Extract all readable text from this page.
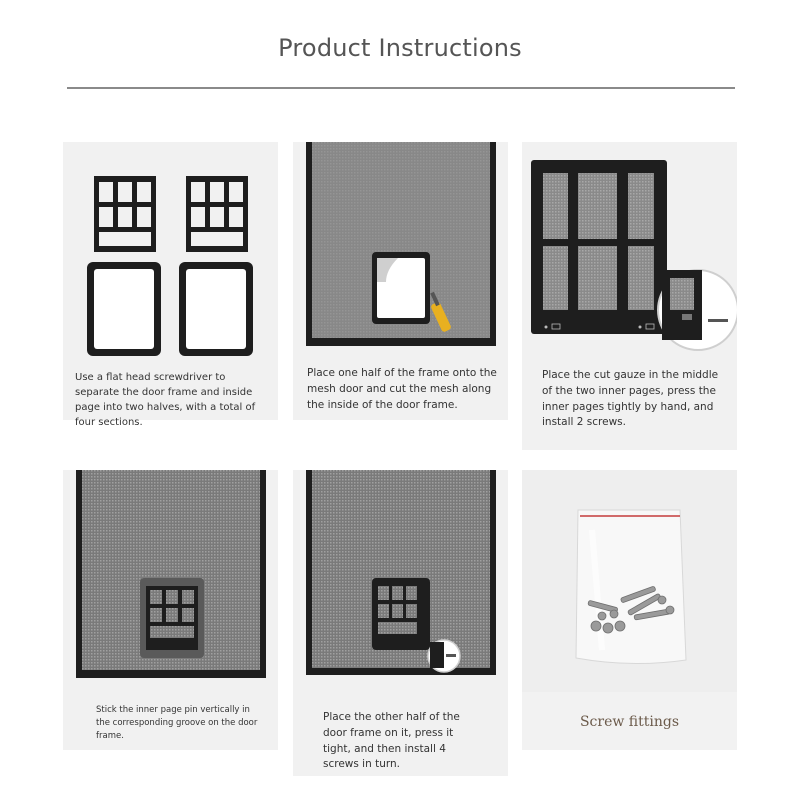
Product Instructions
Use a flat head screwdriver to separate the door frame and inside page into two halves, with a total of four sections.
Place one half of the frame onto the mesh door and cut the mesh along the inside of the door frame.
Place the cut gauze in the middle of the two inner pages, press the inner pages tightly by hand, and install 2 screws.
Stick the inner page pin vertically in the corresponding groove on the door frame.
Place the other half of the door frame on it, press it tight, and then install 4 screws in turn.
Screw fittings
